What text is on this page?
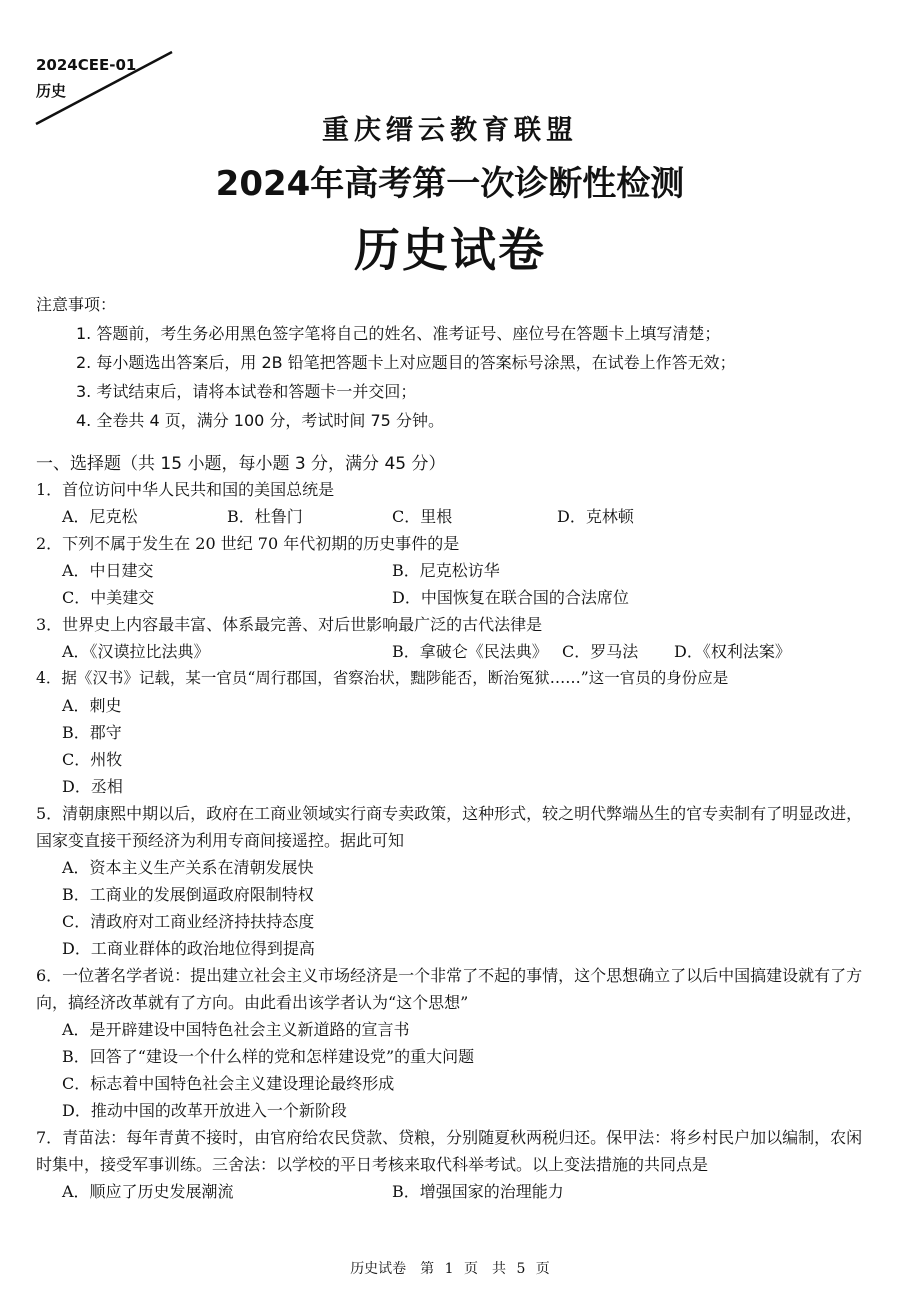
2024CEE-01
历史
重庆缙云教育联盟
2024年高考第一次诊断性检测
历史试卷
注意事项：
1. 答题前，考生务必用黑色签字笔将自己的姓名、准考证号、座位号在答题卡上填写清楚；
2. 每小题选出答案后，用 2B 铅笔把答题卡上对应题目的答案标号涂黑，在试卷上作答无效；
3. 考试结束后，请将本试卷和答题卡一并交回；
4. 全卷共 4 页，满分 100 分，考试时间 75 分钟。
一、选择题（共 15 小题，每小题 3 分，满分 45 分）
1．首位访问中华人民共和国的美国总统是
A．尼克松	B．杜鲁门	C．里根	D．克林顿
2．下列不属于发生在 20 世纪 70 年代初期的历史事件的是
A．中日建交	B．尼克松访华
C．中美建交	D．中国恢复在联合国的合法席位
3．世界史上内容最丰富、体系最完善、对后世影响最广泛的古代法律是
A．《汉谟拉比法典》	B．拿破仑《民法典》 C．罗马法	D．《权利法案》
4．据《汉书》记载，某一官员“周行郡国，省察治状，黜陟能否，断治冤狱……”这一官员的身份应是
A．刺史
B．郡守
C．州牧
D．丞相
5．清朝康熙中期以后，政府在工商业领域实行商专卖政策，这种形式，较之明代弊端丛生的官专卖制有了明显改进，国家变直接干预经济为利用专商间接遥控。据此可知
A．资本主义生产关系在清朝发展快
B．工商业的发展倒逼政府限制特权
C．清政府对工商业经济持扶持态度
D．工商业群体的政治地位得到提高
6．一位著名学者说：提出建立社会主义市场经济是一个非常了不起的事情，这个思想确立了以后中国搞建设就有了方向，搞经济改革就有了方向。由此看出该学者认为“这个思想”
A．是开辟建设中国特色社会主义新道路的宣言书
B．回答了“建设一个什么样的党和怎样建设党”的重大问题
C．标志着中国特色社会主义建设理论最终形成
D．推动中国的改革开放进入一个新阶段
7．青苗法：每年青黄不接时，由官府给农民贷款、贷粮，分别随夏秋两税归还。保甲法：将乡村民户加以编制，农闲时集中，接受军事训练。三舍法：以学校的平日考核来取代科举考试。以上变法措施的共同点是
A．顺应了历史发展潮流	B．增强国家的治理能力
历史试卷　第 1 页　共 5 页
